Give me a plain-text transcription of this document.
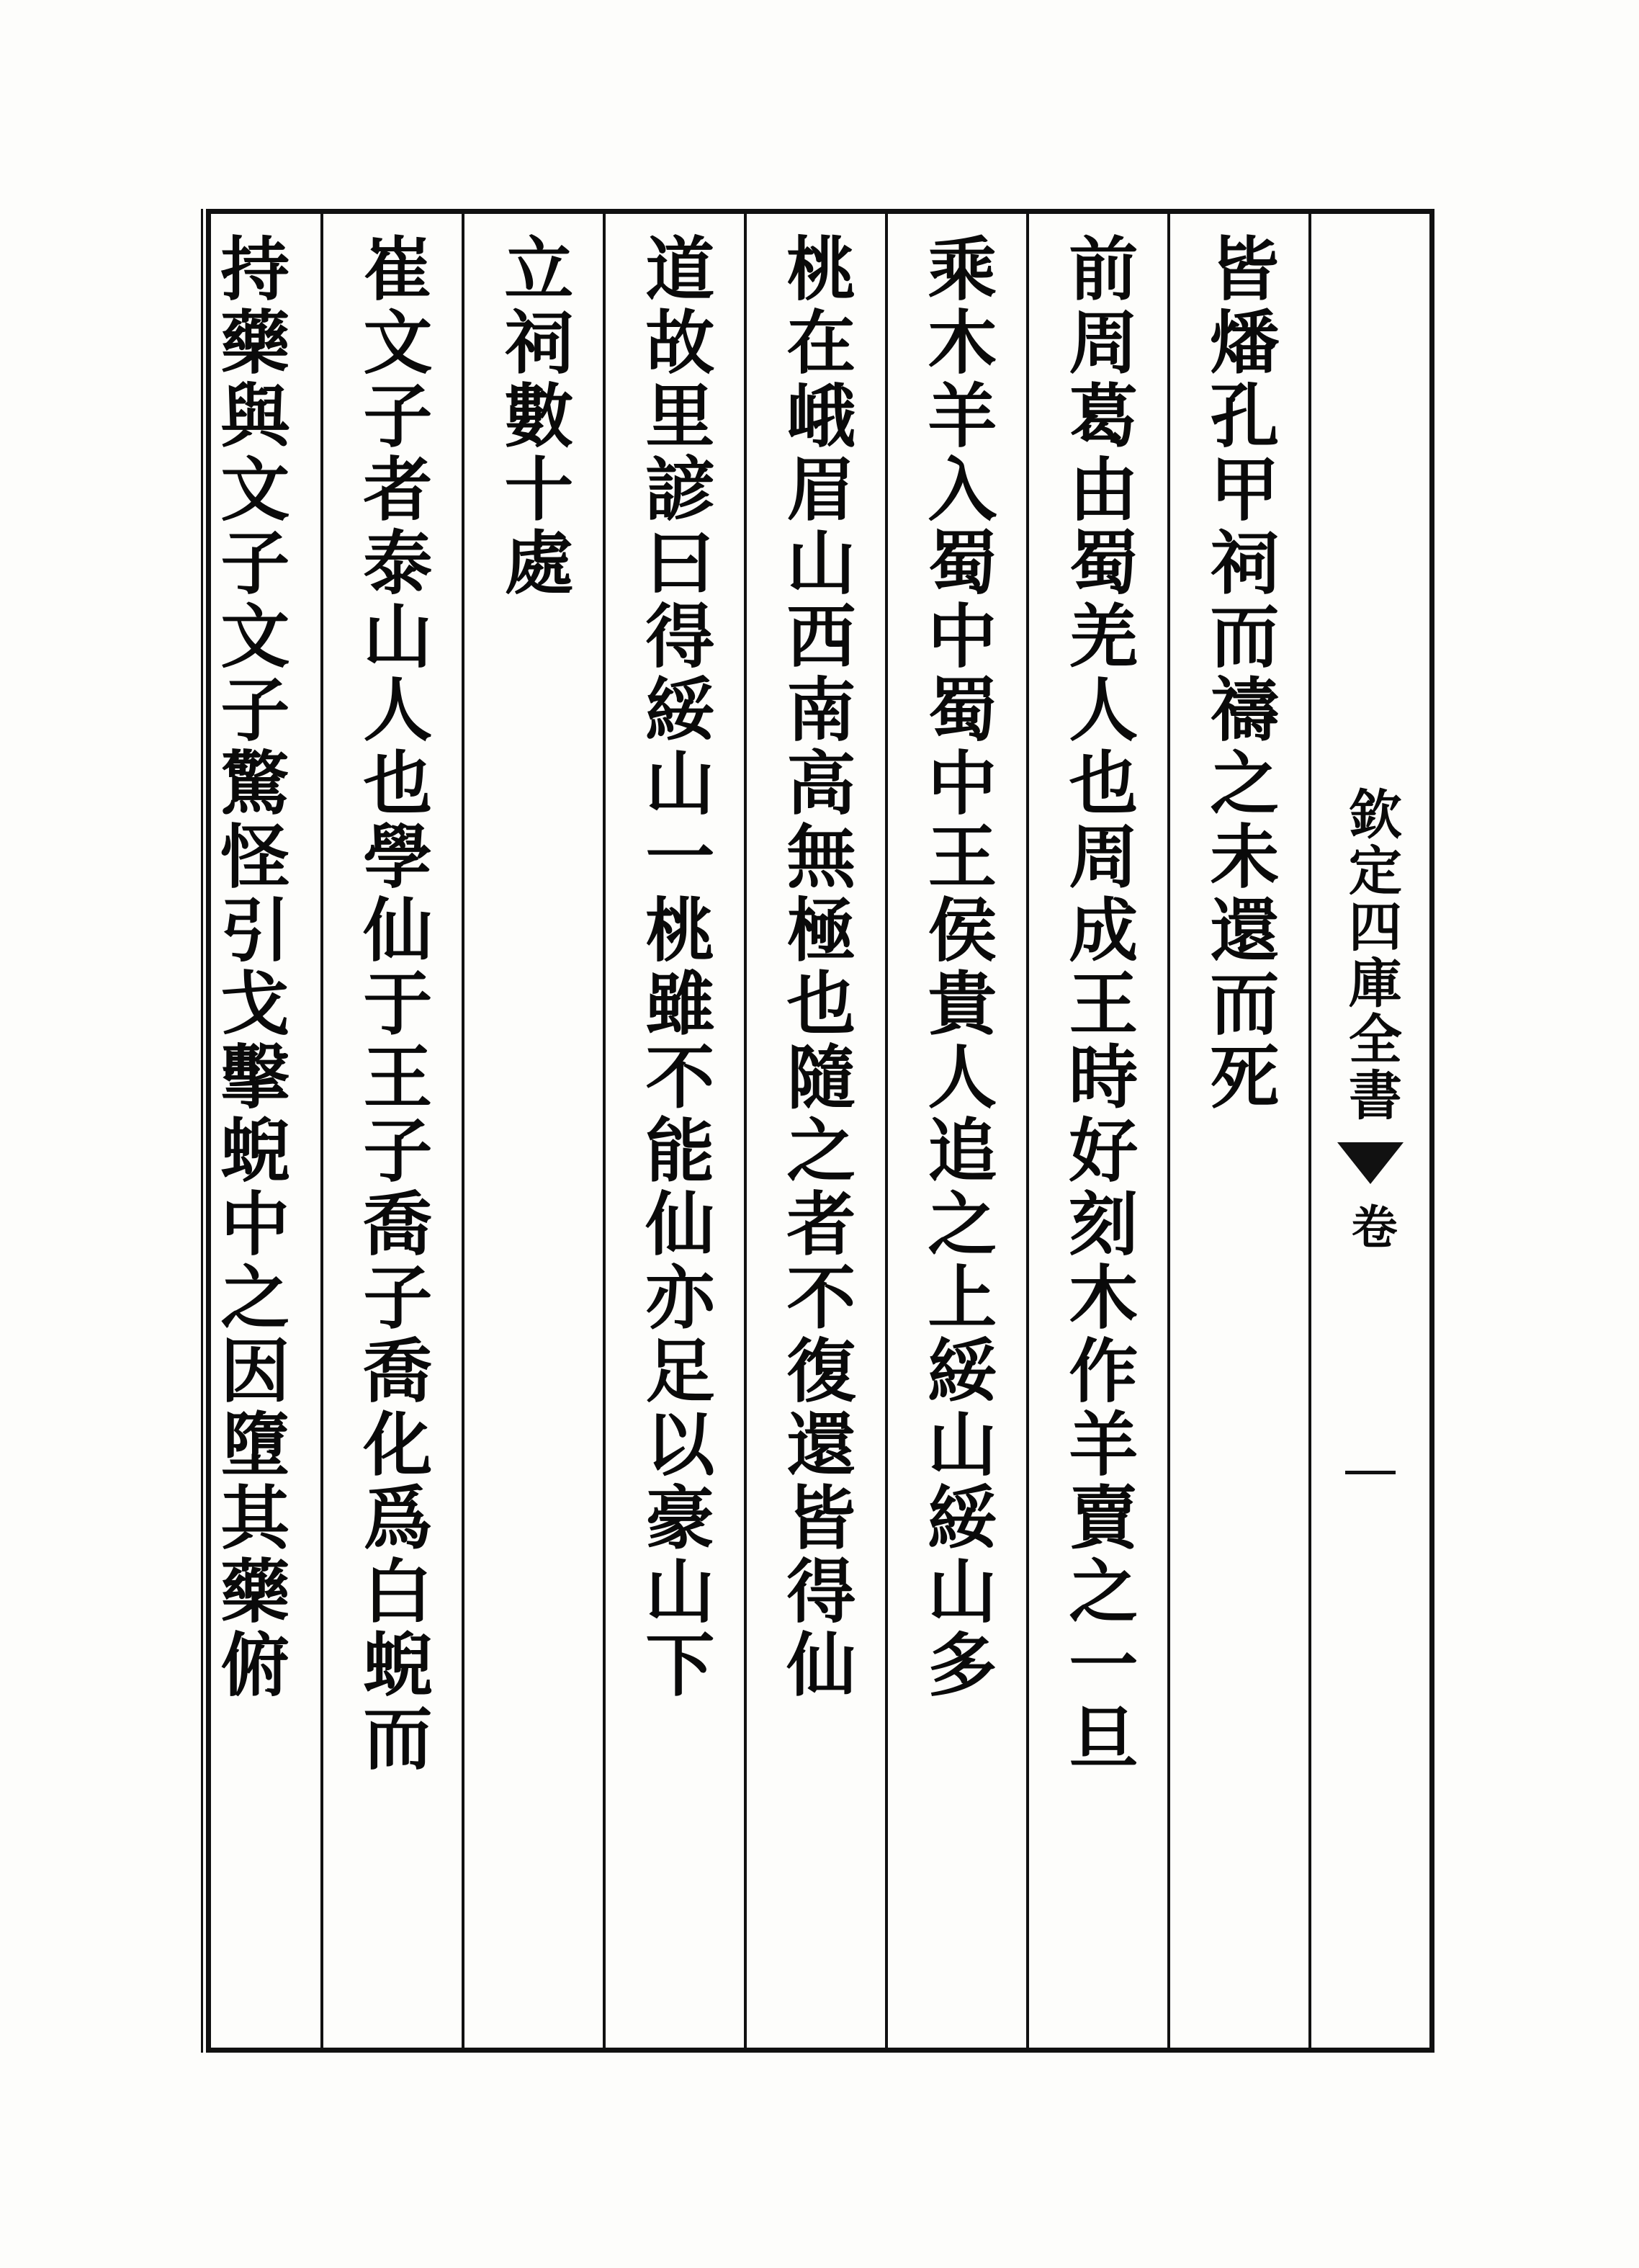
欽定四庫全書
卷
皆燔孔甲祠而禱之未還而死
前周葛由蜀羌人也周成王時好刻木作羊賣之一旦
乘木羊入蜀中蜀中王侯貴人追之上綏山綏山多
桃在峨眉山西南高無極也隨之者不復還皆得仙
道故里諺曰得綏山一桃雖不能仙亦足以豪山下
立祠數十處
崔文子者泰山人也學仙于王子喬子喬化爲白蜺而
持藥與文子文子驚怪引戈擊蜺中之因墮其藥俯
